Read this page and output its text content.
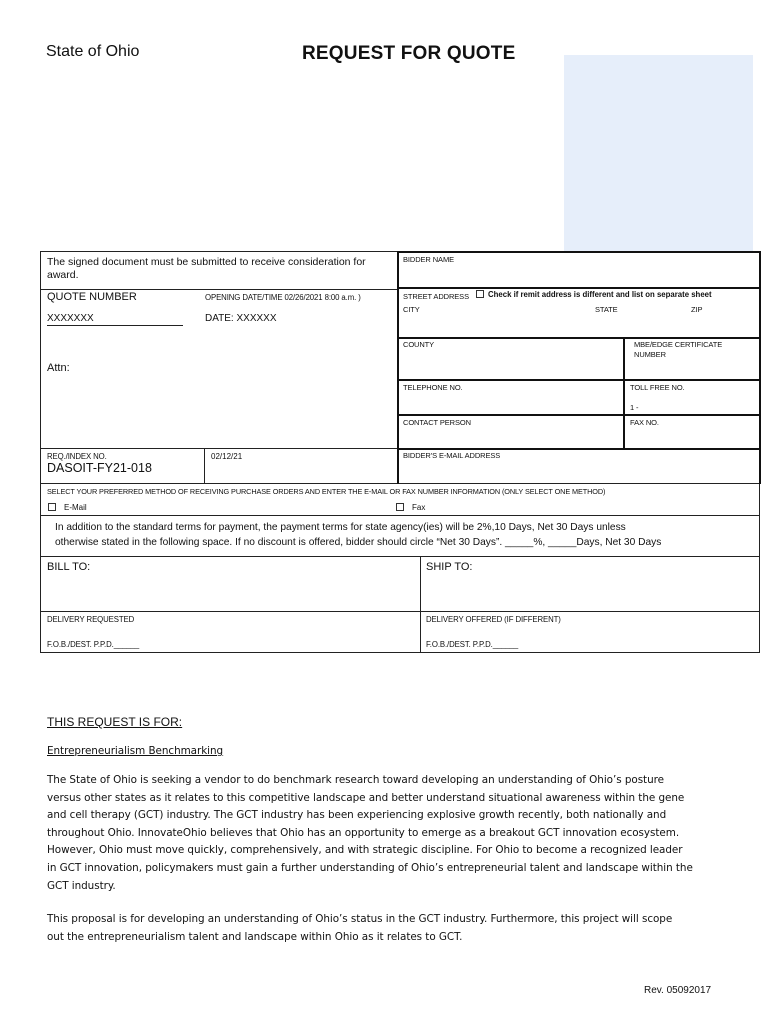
State of Ohio	REQUEST FOR QUOTE
The signed document must be submitted to receive consideration for award.
QUOTE NUMBER	OPENING DATE/TIME 02/26/2021 8:00 a.m. )
XXXXXXX	DATE: XXXXXX
Attn:
REQ./INDEX NO.
DASOIT-FY21-018
02/12/21
BIDDER NAME
STREET ADDRESS	Check if remit address is different and list on separate sheet
CITY	STATE	ZIP
COUNTY	MBE/EDGE CERTIFICATE NUMBER
TELEPHONE NO.	TOLL FREE NO.
1 -
CONTACT PERSON	FAX NO.
BIDDER'S E-MAIL ADDRESS
SELECT YOUR PREFERRED METHOD OF RECEIVING PURCHASE ORDERS AND ENTER THE E-MAIL OR FAX NUMBER INFORMATION (ONLY SELECT ONE METHOD)
E-Mail	Fax
In addition to the standard terms for payment, the payment terms for state agency(ies) will be 2%,10 Days, Net 30 Days unless
otherwise stated in the following space. If no discount is offered, bidder should circle “Net 30 Days”. _____%, _____Days, Net 30 Days
BILL TO:	SHIP TO:
DELIVERY REQUESTED	DELIVERY OFFERED (IF DIFFERENT)
F.O.B./DEST. P.P.D.______	F.O.B./DEST. P.P.D.______
THIS REQUEST IS FOR:
Entrepreneurialism Benchmarking
The State of Ohio is seeking a vendor to do benchmark research toward developing an understanding of Ohio’s posture
versus other states as it relates to this competitive landscape and better understand situational awareness within the gene
and cell therapy (GCT) industry. The GCT industry has been experiencing explosive growth recently, both nationally and
throughout Ohio. InnovateOhio believes that Ohio has an opportunity to emerge as a breakout GCT innovation ecosystem.
However, Ohio must move quickly, comprehensively, and with strategic discipline. For Ohio to become a recognized leader
in GCT innovation, policymakers must gain a further understanding of Ohio’s entrepreneurial talent and landscape within the
GCT industry.
This proposal is for developing an understanding of Ohio’s status in the GCT industry. Furthermore, this project will scope
out the entrepreneurialism talent and landscape within Ohio as it relates to GCT.
Rev. 05092017
